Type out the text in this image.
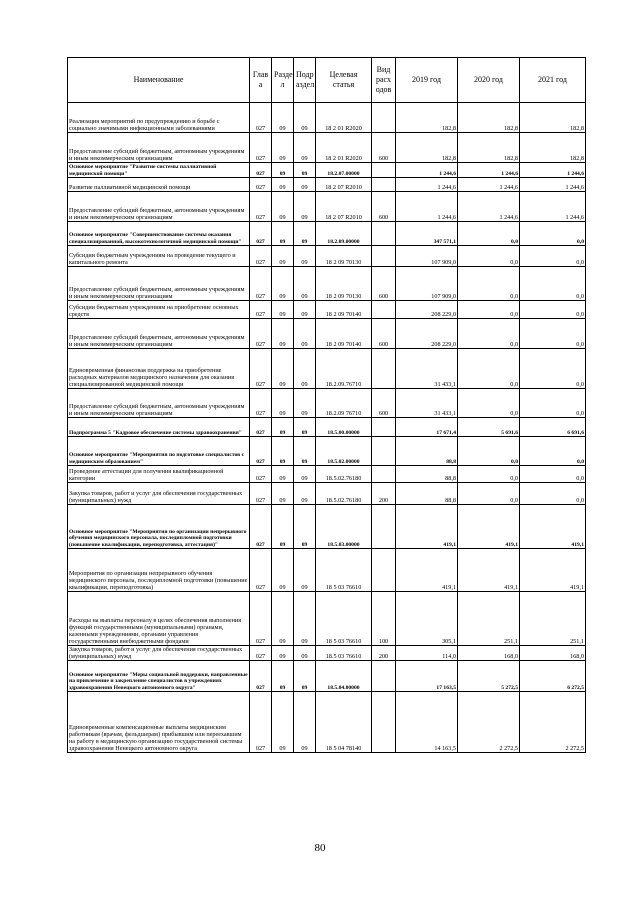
Наименование	Глав а	Разде л	Подр аздел	Целевая статья	Вид расх одов	2019 год	2020 год	2021 год
Реализация мероприятий по предупреждению и борьбе с социально значимыми инфекционными заболеваниями	027	09	09	18 2 01 R2020		182,8	182,8	182,8
Предоставление субсидий бюджетным, автономным учреждениям и иным некоммерческим организациям	027	09	09	18 2 01 R2020	600	182,8	182,8	182,8
Основное мероприятие "Развитие системы паллиативной медицинской помощи"	027	09	09	18.2.07.00000		1 244,6	1 244,6	1 244,6
Развитие паллиативной медицинской помощи	027	09	09	18 2 07 R2010		1 244,6	1 244,6	1 244,6
Предоставление субсидий бюджетным, автономным учреждениям и иным некоммерческим организациям	027	09	09	18 2 07 R2010	600	1 244,6	1 244,6	1 244,6
Основное мероприятие "Совершенствование системы оказания специализированной, высокотехнологичной медицинской помощи"	027	09	09	18.2.09.00000		347 571,1	0,0	0,0
Субсидии бюджетным учреждениям на проведение текущего и капитального ремонта	027	09	09	18 2 09 70130		107 909,0	0,0	0,0
Предоставление субсидий бюджетным, автономным учреждениям и иным некоммерческим организациям	027	09	09	18 2 09 70130	600	107 909,0	0,0	0,0
Субсидии бюджетным учреждениям на приобретение основных средств	027	09	09	18 2 09 70140		208 229,0	0,0	0,0
Предоставление субсидий бюджетным, автономным учреждениям и иным некоммерческим организациям	027	09	09	18 2 09 70140	600	208 229,0	0,0	0,0
Единовременная финансовая поддержка на приобретение расходных материалов медицинского назначения для оказания специализированной медицинской помощи	027	09	09	18.2.09.76710		31 433,1	0,0	0,0
Предоставление субсидий бюджетным, автономным учреждениям и иным некоммерческим организациям	027	09	09	18.2.09 76710	600	31 433,1	0,0	0,0
Подпрограмма 5 "Кадровое обеспечение системы здравоохранения"	027	09	09	18.5.00.00000		17 671,4	5 691,6	6 691,6
Основное мероприятие "Мероприятия по подготовке специалистов с медицинским образованием"	027	09	09	18.5.02.00000		88,8	0,0	0,0
Проведение аттестации для получения квалификационной категории	027	09	09	18.5.02.76180		88,8	0,0	0,0
Закупка товаров, работ и услуг для обеспечения государственных (муниципальных) нужд	027	09	09	18.5.02.76180	200	88,8	0,0	0,0
Основное мероприятие "Мероприятия по организации непрерывного обучения медицинского персонала, последипломной подготовки (повышение квалификации, переподготовка, аттестация)"	027	09	09	18.5.03.00000		419,1	419,1	419,1
Мероприятия по организации непрерывного обучения медицинского персонала, последипломной подготовки (повышение квалификации, переподготовка)	027	09	09	18 5 03 76610		419,1	419,1	419,1
Расходы на выплаты персоналу в целях обеспечения выполнения функций государственными (муниципальными) органами, казенными учреждениями, органами управления государственными внебюджетными фондами	027	09	09	18 5 03 76610	100	305,1	251,1	251,1
Закупка товаров, работ и услуг для обеспечения государственных (муниципальных) нужд	027	09	09	18.5 03 76610	200	114,0	168,0	168,0
Основное мероприятие "Меры социальной поддержки, направленные на привлечение и закрепление специалистов в учреждениях здравоохранения Ненецкого автономного округа"	027	09	09	18.5.04.00000		17 163,5	5 272,5	6 272,5
Единовременные компенсационные выплаты медицинским работникам (врачам, фельдшерам) прибывшим или переехавшим на работу в медицинскую организацию государственной системы здравоохранения Ненецкого автономного округа	027	09	09	18 5 04 78140		14 163,5	2 272,5	2 272,5
80
